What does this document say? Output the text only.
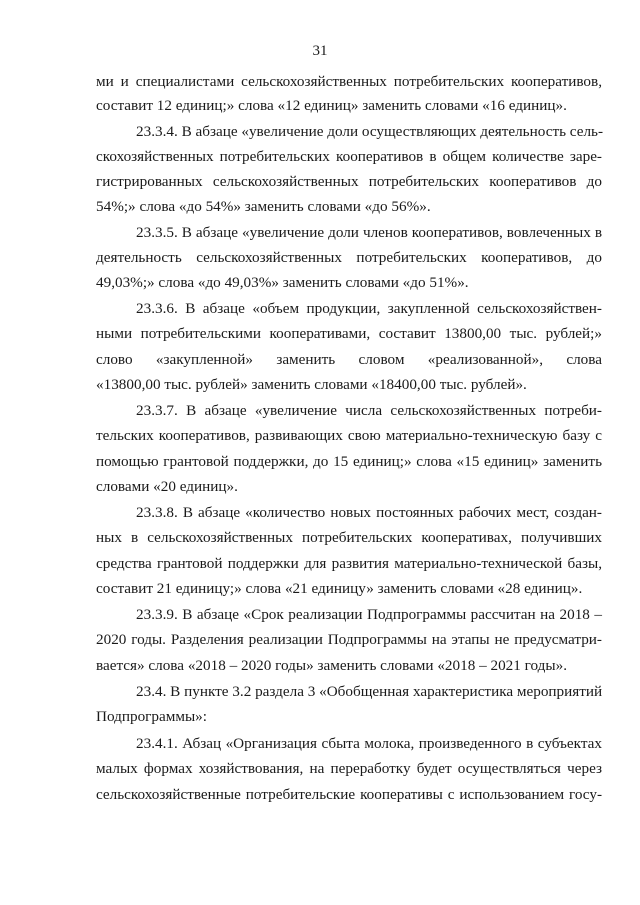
31
ми и специалистами сельскохозяйственных потребительских кооперативов,
составит 12 единиц;» слова «12 единиц» заменить словами «16 единиц».
23.3.4. В абзаце «увеличение доли осуществляющих деятельность сель-
скохозяйственных потребительских кооперативов в общем количестве заре-
гистрированных сельскохозяйственных потребительских кооперативов до
54%;» слова «до 54%» заменить словами «до 56%».
23.3.5. В абзаце «увеличение доли членов кооперативов, вовлеченных в
деятельность сельскохозяйственных потребительских кооперативов, до
49,03%;» слова «до 49,03%» заменить словами «до 51%».
23.3.6. В абзаце «объем продукции, закупленной сельскохозяйствен-
ными потребительскими кооперативами, составит 13800,00 тыс. рублей;»
слово «закупленной» заменить словом «реализованной», слова
«13800,00 тыс. рублей» заменить словами «18400,00 тыс. рублей».
23.3.7. В абзаце «увеличение числа сельскохозяйственных потреби-
тельских кооперативов, развивающих свою материально-техническую базу с
помощью грантовой поддержки, до 15 единиц;» слова «15 единиц» заменить
словами «20 единиц».
23.3.8. В абзаце «количество новых постоянных рабочих мест, создан-
ных в сельскохозяйственных потребительских кооперативах, получивших
средства грантовой поддержки для развития материально-технической базы,
составит 21 единицу;» слова «21 единицу» заменить словами «28 единиц».
23.3.9. В абзаце «Срок реализации Подпрограммы рассчитан на 2018 –
2020 годы. Разделения реализации Подпрограммы на этапы не предусматри-
вается» слова «2018 – 2020 годы» заменить словами «2018 – 2021 годы».
23.4. В пункте 3.2 раздела 3 «Обобщенная характеристика мероприятий
Подпрограммы»:
23.4.1. Абзац «Организация сбыта молока, произведенного в субъектах
малых формах хозяйствования, на переработку будет осуществляться через
сельскохозяйственные потребительские кооперативы с использованием госу-
